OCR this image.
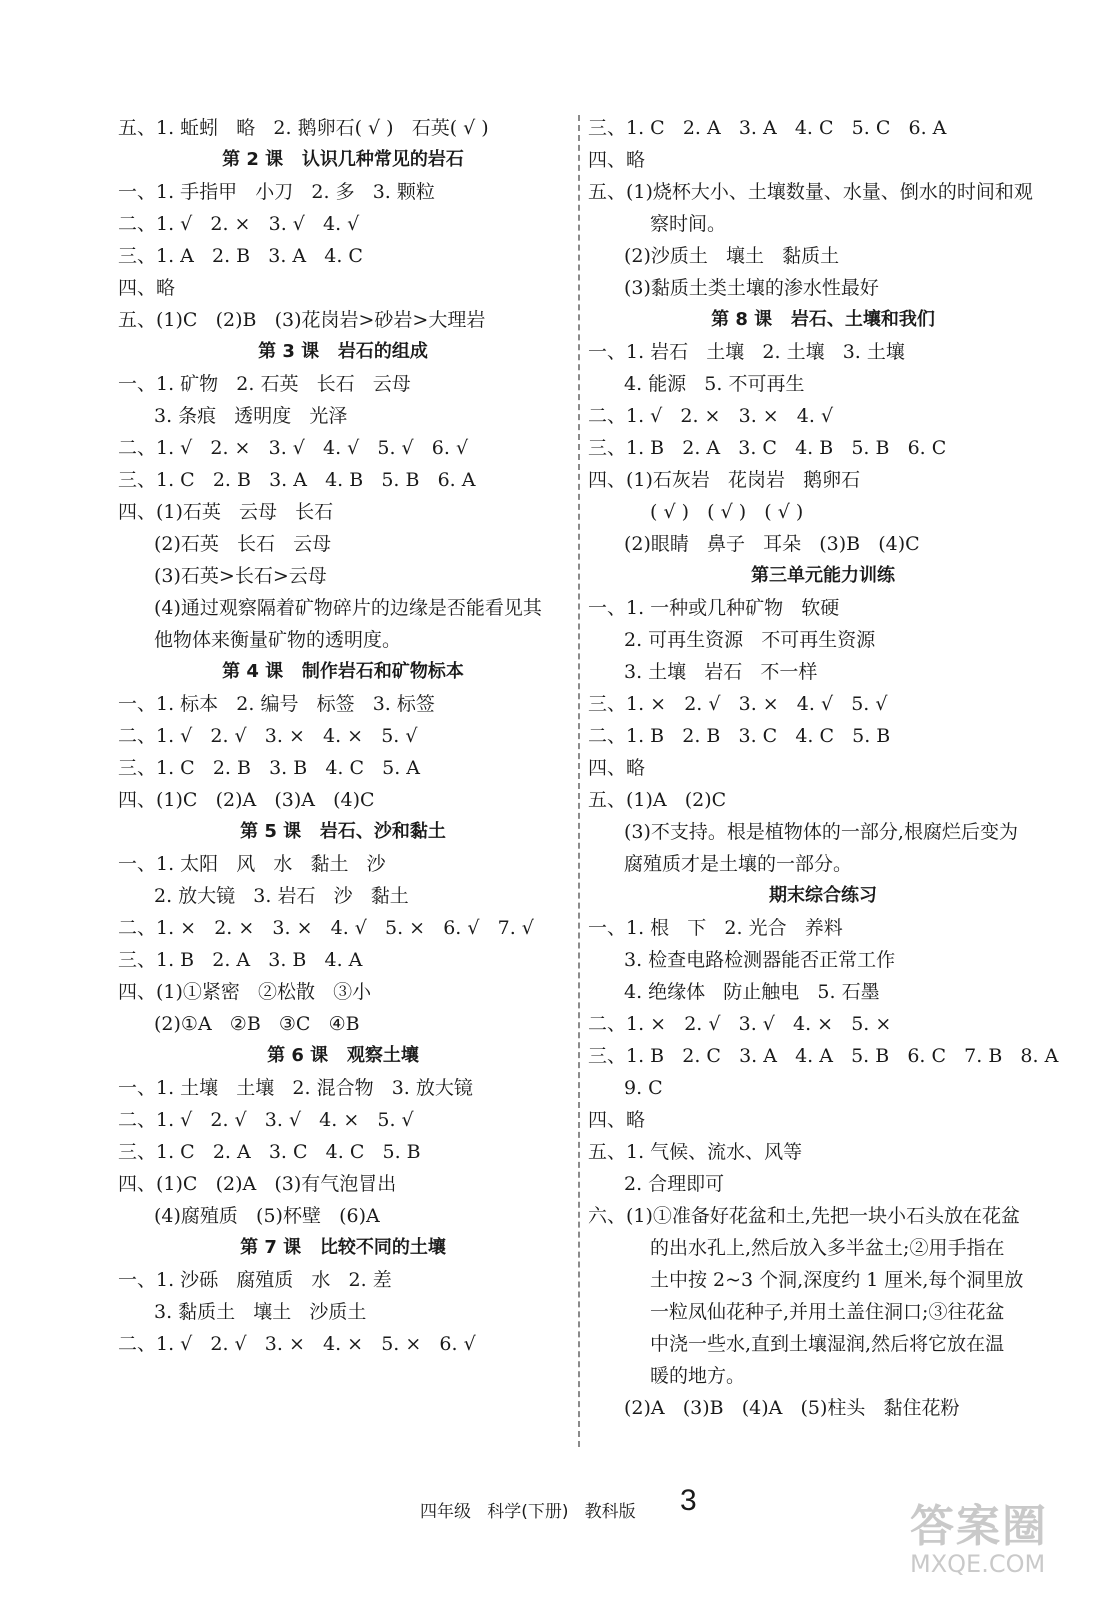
五、1. 蚯蚓   略   2. 鹅卵石( √ )   石英( √ )
第 2 课   认识几种常见的岩石
一、1. 手指甲   小刀   2. 多   3. 颗粒
二、1. √   2. ×   3. √   4. √
三、1. A   2. B   3. A   4. C
四、略
五、(1)C   (2)B   (3)花岗岩>砂岩>大理岩
第 3 课   岩石的组成
一、1. 矿物   2. 石英   长石   云母
3. 条痕   透明度   光泽
二、1. √   2. ×   3. √   4. √   5. √   6. √
三、1. C   2. B   3. A   4. B   5. B   6. A
四、(1)石英   云母   长石
(2)石英   长石   云母
(3)石英>长石>云母
(4)通过观察隔着矿物碎片的边缘是否能看见其
他物体来衡量矿物的透明度。
第 4 课   制作岩石和矿物标本
一、1. 标本   2. 编号   标签   3. 标签
二、1. √   2. √   3. ×   4. ×   5. √
三、1. C   2. B   3. B   4. C   5. A
四、(1)C   (2)A   (3)A   (4)C
第 5 课   岩石、沙和黏土
一、1. 太阳   风   水   黏土   沙
2. 放大镜   3. 岩石   沙   黏土
二、1. ×   2. ×   3. ×   4. √   5. ×   6. √   7. √
三、1. B   2. A   3. B   4. A
四、(1)①紧密   ②松散   ③小
(2)①A   ②B   ③C   ④B
第 6 课   观察土壤
一、1. 土壤   土壤   2. 混合物   3. 放大镜
二、1. √   2. √   3. √   4. ×   5. √
三、1. C   2. A   3. C   4. C   5. B
四、(1)C   (2)A   (3)有气泡冒出
(4)腐殖质   (5)杯壁   (6)A
第 7 课   比较不同的土壤
一、1. 沙砾   腐殖质   水   2. 差
3. 黏质土   壤土   沙质土
二、1. √   2. √   3. ×   4. ×   5. ×   6. √
三、1. C   2. A   3. A   4. C   5. C   6. A
四、略
五、(1)烧杯大小、土壤数量、水量、倒水的时间和观
察时间。
(2)沙质土   壤土   黏质土
(3)黏质土类土壤的渗水性最好
第 8 课   岩石、土壤和我们
一、1. 岩石   土壤   2. 土壤   3. 土壤
4. 能源   5. 不可再生
二、1. √   2. ×   3. ×   4. √
三、1. B   2. A   3. C   4. B   5. B   6. C
四、(1)石灰岩   花岗岩   鹅卵石
( √ )   ( √ )   ( √ )
(2)眼睛   鼻子   耳朵   (3)B   (4)C
第三单元能力训练
一、1. 一种或几种矿物   软硬
2. 可再生资源   不可再生资源
3. 土壤   岩石   不一样
三、1. ×   2. √   3. ×   4. √   5. √
二、1. B   2. B   3. C   4. C   5. B
四、略
五、(1)A   (2)C
(3)不支持。根是植物体的一部分,根腐烂后变为
腐殖质才是土壤的一部分。
期末综合练习
一、1. 根   下   2. 光合   养料
3. 检查电路检测器能否正常工作
4. 绝缘体   防止触电   5. 石墨
二、1. ×   2. √   3. √   4. ×   5. ×
三、1. B   2. C   3. A   4. A   5. B   6. C   7. B   8. A
9. C
四、略
五、1. 气候、流水、风等
2. 合理即可
六、(1)①准备好花盆和土,先把一块小石头放在花盆
的出水孔上,然后放入多半盆土;②用手指在
土中按 2~3 个洞,深度约 1 厘米,每个洞里放
一粒凤仙花种子,并用土盖住洞口;③往花盆
中浇一些水,直到土壤湿润,然后将它放在温
暖的地方。
(2)A   (3)B   (4)A   (5)柱头   黏住花粉
四年级   科学(下册)   教科版 3
答案圈
MXQE.COM
